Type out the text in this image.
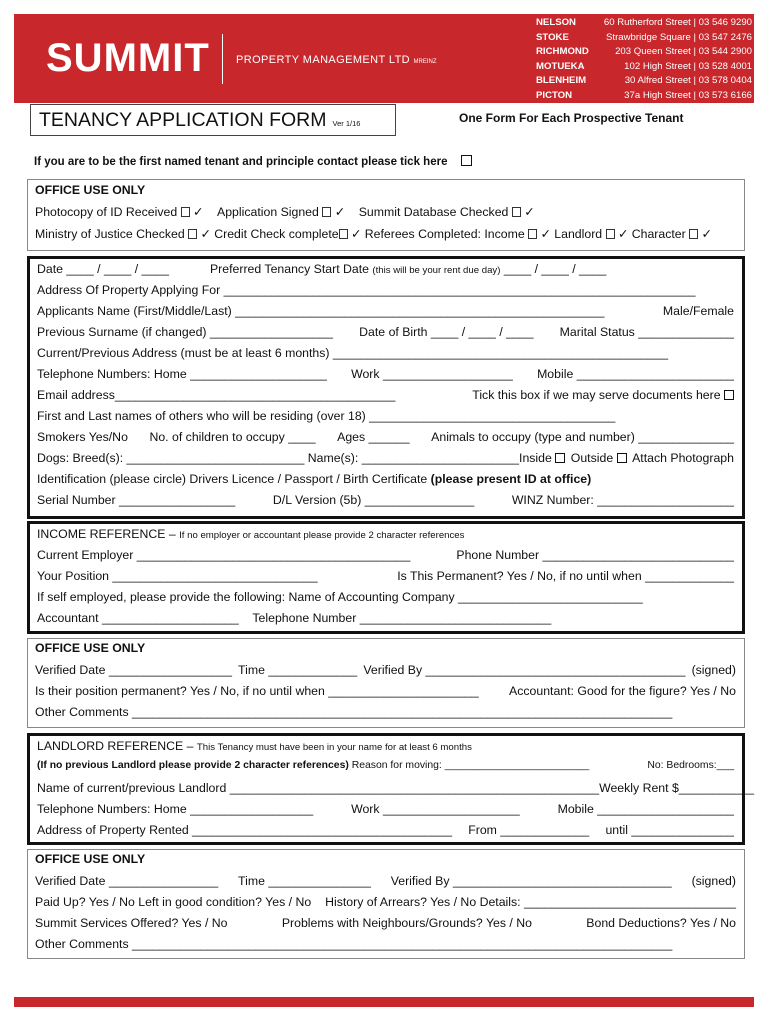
SUMMIT PROPERTY MANAGEMENT LTD MREINZ
NELSON	60 Rutherford Street | 03 546 9290
STOKE	Strawbridge Square | 03 547 2476
RICHMOND	203 Queen Street | 03 544 2900
MOTUEKA	102 High Street | 03 528 4001
BLENHEIM	30 Alfred Street | 03 578 0404
PICTON	37a High Street | 03 573 6166
TENANCY APPLICATION FORM Ver 1/16	One Form For Each Prospective Tenant
If you are to be the first named tenant and principle contact please tick here
OFFICE USE ONLY
Photocopy of ID Received  ✓    Application Signed  ✓    Summit Database Checked  ✓
Ministry of Justice Checked  ✓ Credit Check complete ✓ Referees Completed: Income  ✓ Landlord  ✓ Character  ✓
Date ____ / ____ / ____	Preferred Tenancy Start Date (this will be your rent due day) ____ / ____ / ____
Address Of Property Applying For _____________________________________________________________________
Applicants Name (First/Middle/Last) ______________________________________________________	Male/Female
Previous Surname (if changed) __________________ Date of Birth ____ / ____ / ____ Marital Status ______________
Current/Previous Address (must be at least 6 months) _________________________________________________
Telephone Numbers: Home ____________________ Work ___________________ Mobile _______________________
Email address_________________________________________	Tick this box if we may serve documents here
First and Last names of others who will be residing (over 18) ____________________________________
Smokers Yes/No No. of children to occupy ____ Ages ______ Animals to occupy (type and number) ______________
Dogs: Breed(s): __________________________ Name(s): _______________________Inside	Outside	Attach Photograph
Identification (please circle) Drivers Licence / Passport / Birth Certificate (please present ID at office)
Serial Number _________________	D/L Version (5b) ________________	WINZ Number: ____________________
INCOME REFERENCE – If no employer or accountant please provide 2 character references
Current Employer ________________________________________	Phone Number ____________________________
Your Position ______________________________	Is This Permanent? Yes / No, if no until when _____________
If self employed, please provide the following: Name of Accounting Company ___________________________
Accountant ____________________ Telephone Number ____________________________
OFFICE USE ONLY
Verified Date __________________ Time _____________ Verified By ______________________________________ (signed)
Is their position permanent? Yes / No, if no until when ______________________ Accountant: Good for the figure? Yes / No
Other Comments _______________________________________________________________________________
LANDLORD REFERENCE – This Tenancy must have been in your name for at least 6 months
(If no previous Landlord please provide 2 character references) Reason for moving: _________________________	No: Bedrooms:___
Name of current/previous Landlord ______________________________________________________ Weekly Rent $___________
Telephone Numbers: Home __________________	Work ____________________	Mobile ____________________
Address of Property Rented ______________________________________ From _____________ until _______________
OFFICE USE ONLY
Verified Date ________________ Time _______________ Verified By ________________________________ (signed)
Paid Up? Yes / No Left in good condition? Yes / No History of Arrears? Yes / No Details: _______________________________
Summit Services Offered? Yes / No	Problems with Neighbours/Grounds? Yes / No	Bond Deductions? Yes / No
Other Comments _______________________________________________________________________________
